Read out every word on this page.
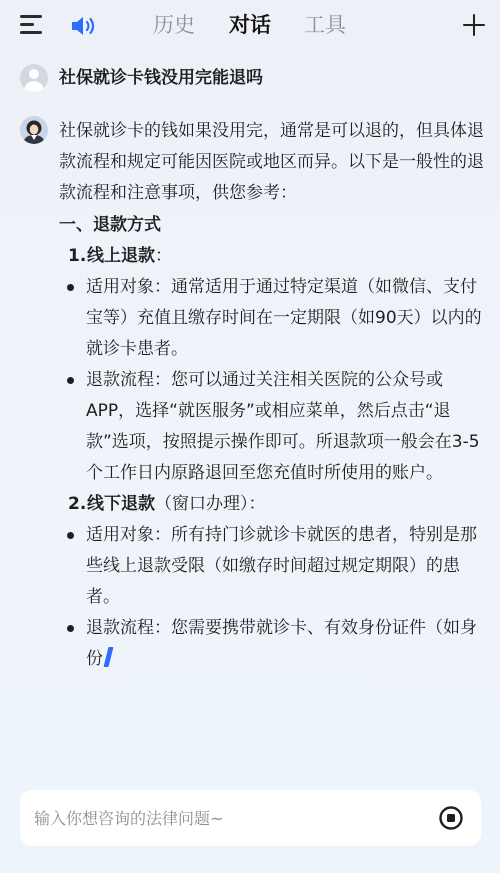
历史 对话 工具
社保就诊卡钱没用完能退吗

社保就诊卡的钱如果没用完，通常是可以退的，但具体退款流程和规定可能因医院或地区而异。以下是一般性的退款流程和注意事项，供您参考：

一、退款方式

1.线上退款：

适用对象：通常适用于通过特定渠道（如微信、支付宝等）充值且缴存时间在一定期限（如90天）以内的就诊卡患者。

退款流程：您可以通过关注相关医院的公众号或APP，选择“就医服务”或相应菜单，然后点击“退款”选项，按照提示操作即可。所退款项一般会在3-5个工作日内原路退回至您充值时所使用的账户。

2.线下退款（窗口办理）：

适用对象：所有持门诊就诊卡就医的患者，特别是那些线上退款受限（如缴存时间超过规定期限）的患者。

退款流程：您需要携带就诊卡、有效身份证件（如身份

输入你想咨询的法律问题~
